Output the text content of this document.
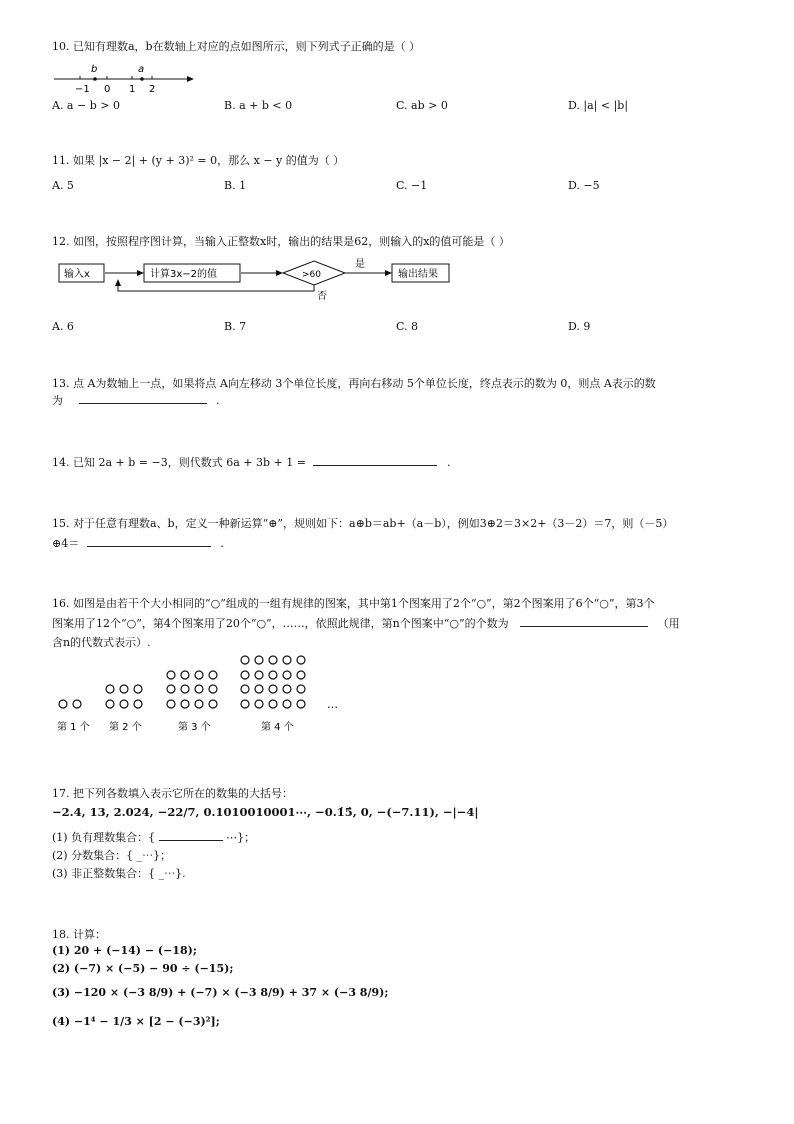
10. 已知有理数a，b在数轴上对应的点如图所示，则下列式子正确的是（ ）
b	a
−1 0 1 2
A. a − b > 0	B. a + b < 0	C. ab > 0	D. |a| < |b|
11. 如果 |x − 2| + (y + 3)² = 0，那么 x − y 的值为（ ）
A. 5	B. 1	C. −1	D. −5
12. 如图，按照程序图计算，当输入正整数x时，输出的结果是62，则输入的x的值可能是（ ）
输入x	计算3x−2的值	>60
是
输出结果
否
A. 6	B. 7	C. 8	D. 9
13. 点 A为数轴上一点，如果将点 A向左移动 3个单位长度，再向右移动 5个单位长度，终点表示的数为 0，则点 A表示的数
为	.
14. 已知 2a + b = −3，则代数式 6a + 3b + 1 =	.
15. 对于任意有理数a、b，定义一种新运算“⊕”，规则如下：a⊕b＝ab+（a－b），例如3⊕2＝3×2+（3－2）＝7，则（－5）
⊕4＝	.
16. 如图是由若干个大小相同的“○”组成的一组有规律的图案，其中第1个图案用了2个“○”，第2个图案用了6个“○”，第3个
图案用了12个“○”，第4个图案用了20个“○”，……，依照此规律，第n个图案中“○”的个数为	（用
含n的代数式表示）.
…
第 1 个 第 2 个	第 3 个	第 4 个
17. 把下列各数填入表示它所在的数集的大括号：
−2.4, 13, 2.024, −22/7, 0.1010010001⋯, −0.1̇5̇, 0, −(−7.11), −|−4|
(1) 负有理数集合：{	⋯}；
(2) 分数集合：{ _⋯}；
(3) 非正整数集合：{ _⋯}.
18. 计算：
(1) 20 + (−14) − (−18);
(2) (−7) × (−5) − 90 ÷ (−15);
(3) −120 × (−3 8/9) + (−7) × (−3 8/9) + 37 × (−3 8/9);
(4) −1⁴ − 1/3 × [2 − (−3)²];
